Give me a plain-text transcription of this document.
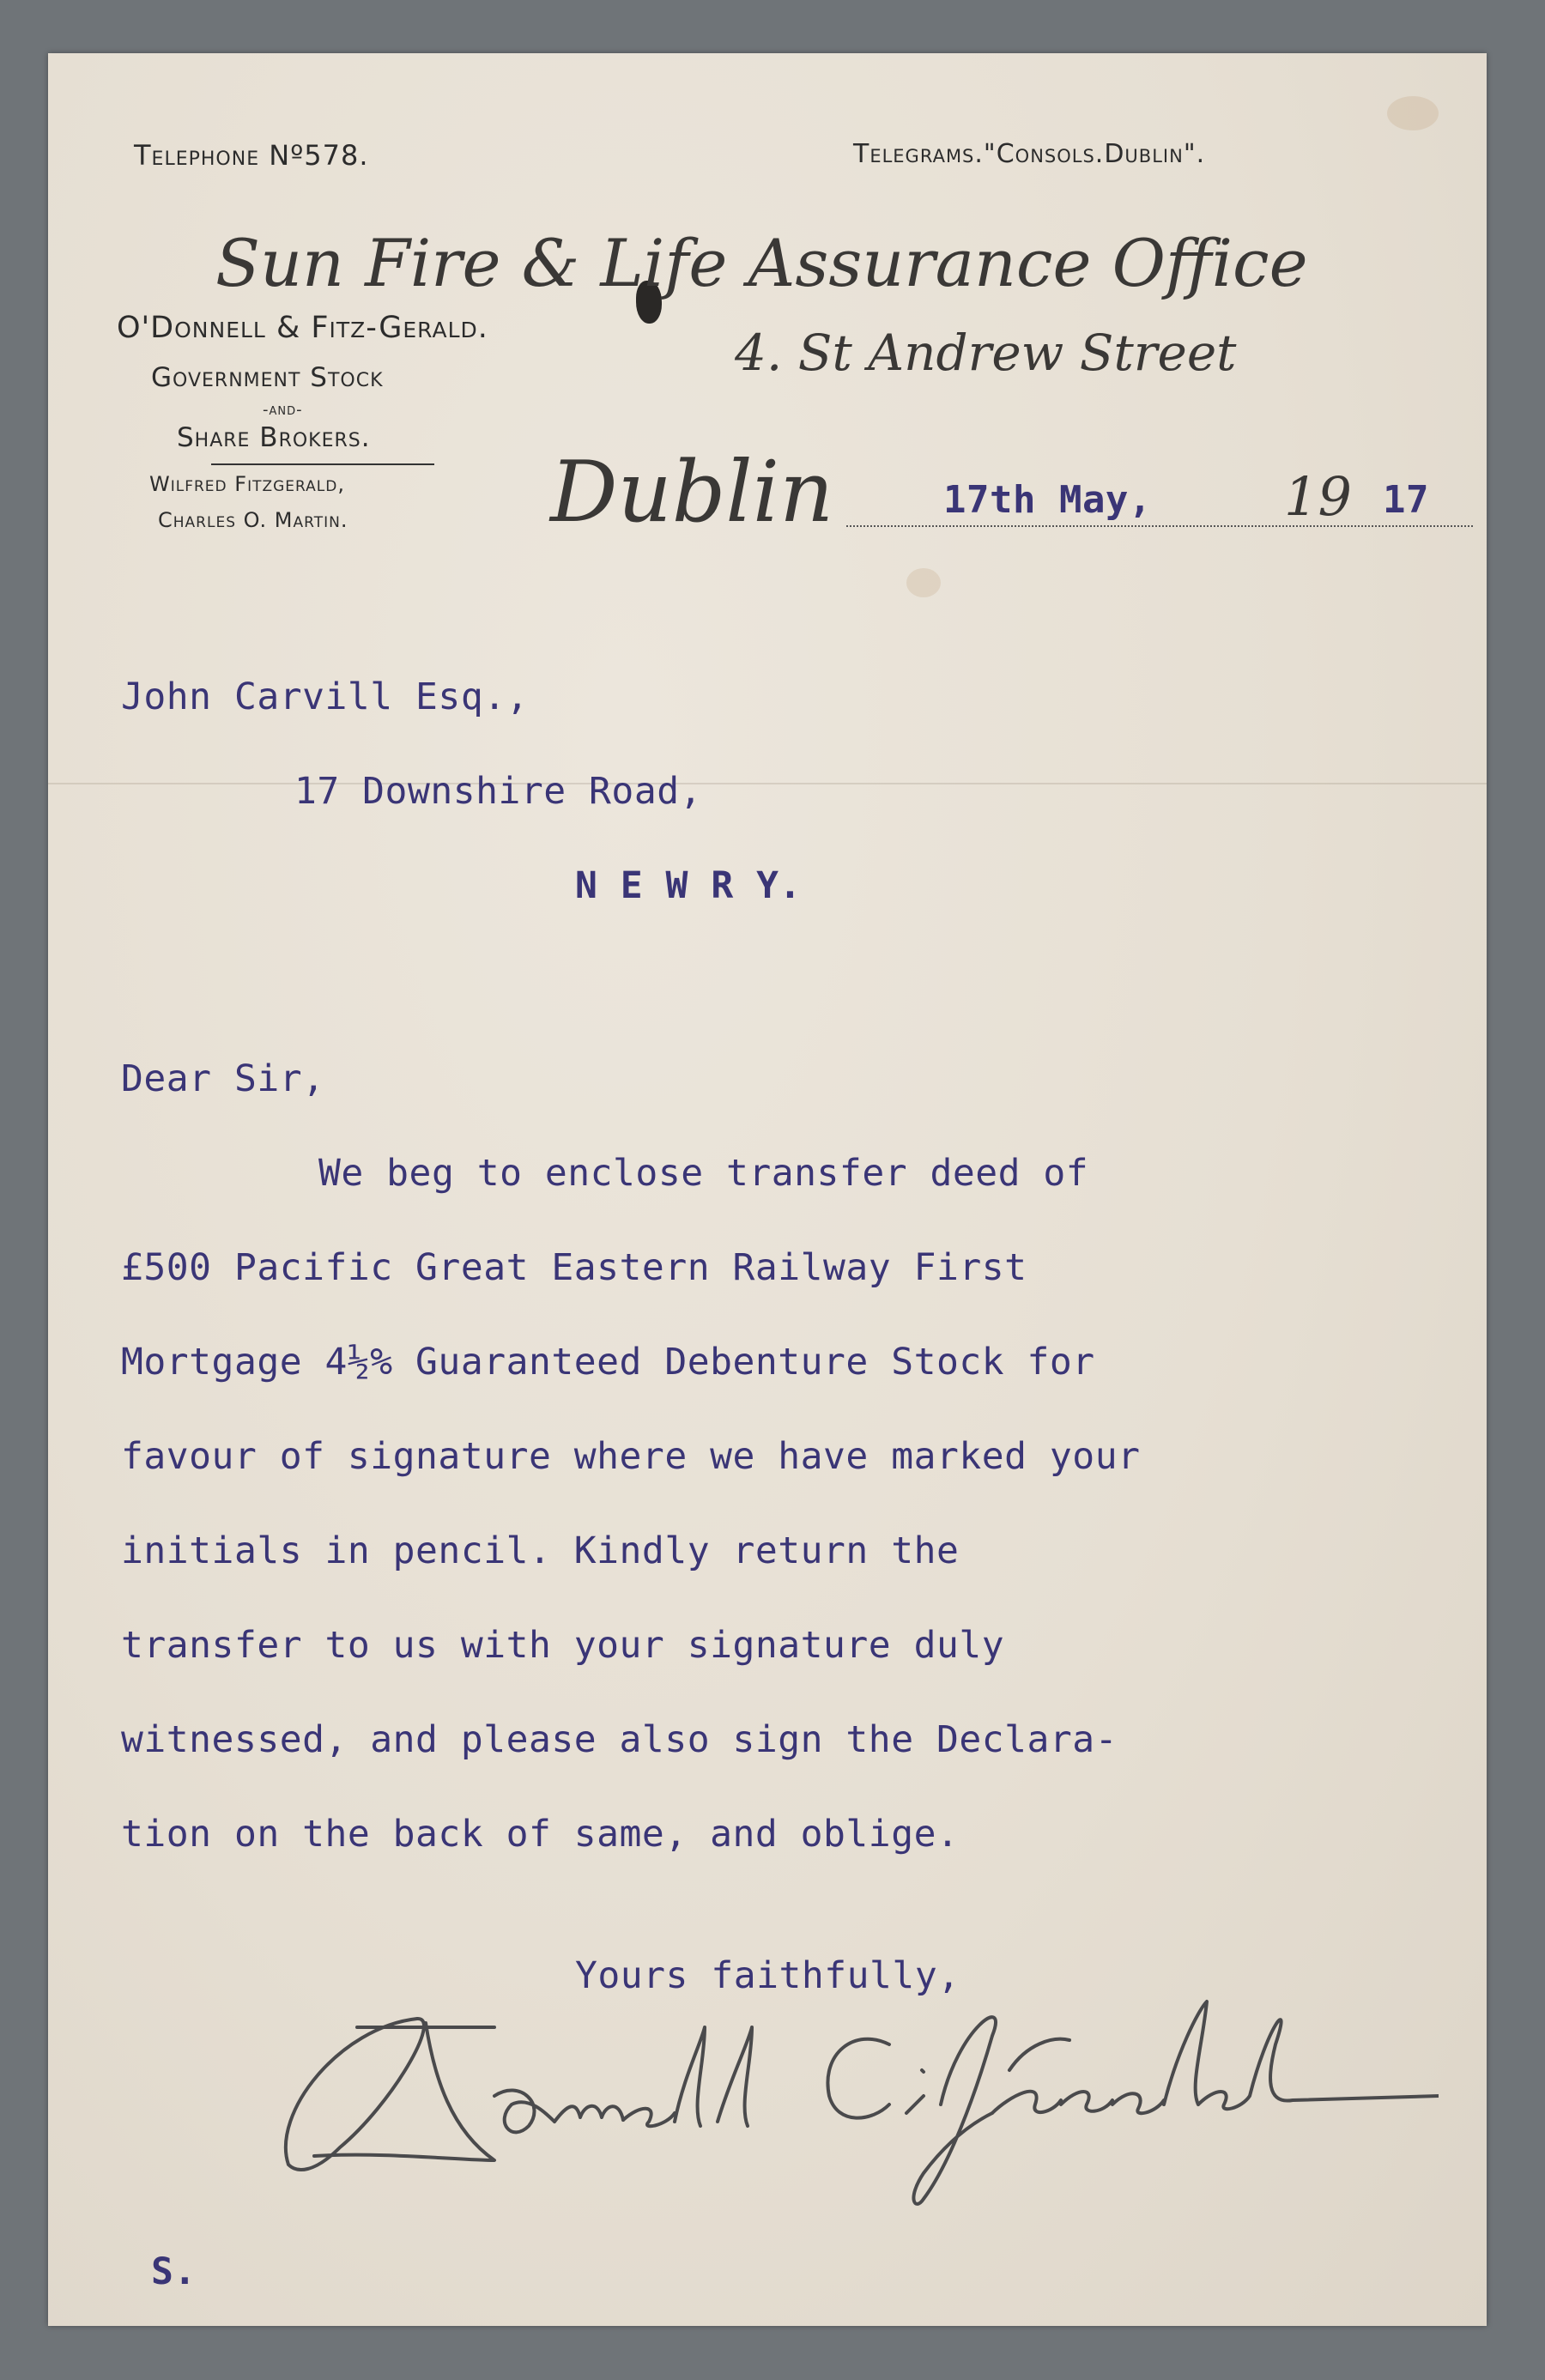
Telephone Nº578.	Telegrams."Consols.Dublin".
Sun Fire & Life Assurance Office
4. St Andrew Street
O'Donnell & Fitz-Gerald.
Government Stock
-and-
Share Brokers.
Wilfred Fitzgerald,
Charles O. Martin. Dublin	17th May, 19 17
John Carvill Esq.,
17 Downshire Road,
N E W R Y.
Dear Sir,
We beg to enclose transfer deed of
£500 Pacific Great Eastern Railway First
Mortgage 4½% Guaranteed Debenture Stock for
favour of signature where we have marked your
initials in pencil. Kindly return the
transfer to us with your signature duly
witnessed, and please also sign the Declara-
tion on the back of same, and oblige.
Yours faithfully,
S.
